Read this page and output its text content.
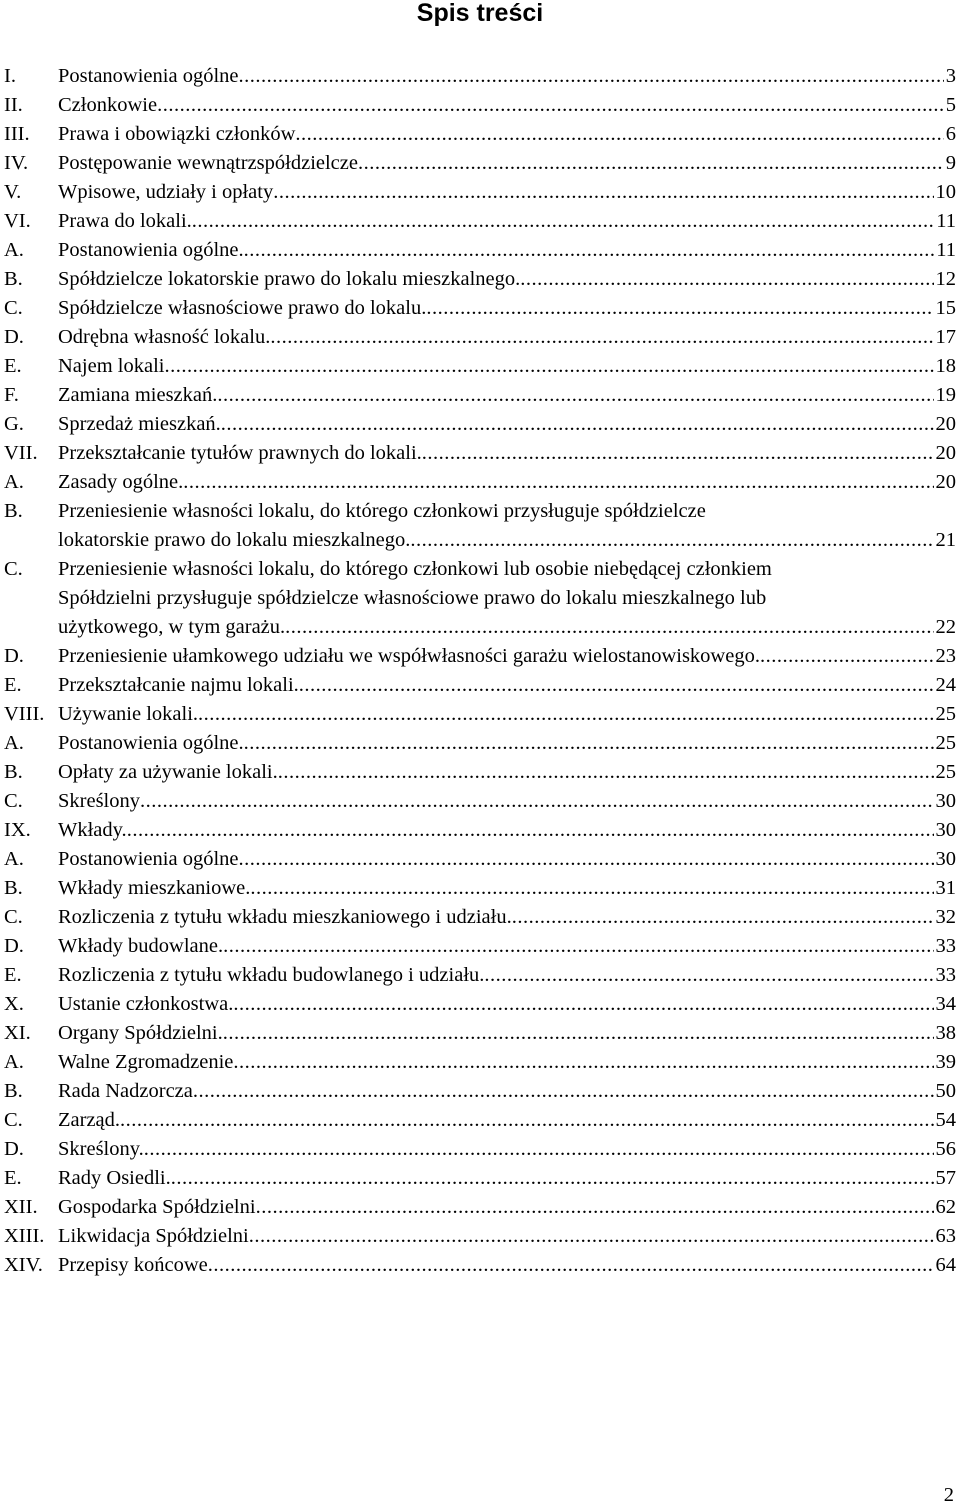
Spis treści
I.	Postanowienia ogólne .....	3
II.	Członkowie .....	5
III.	Prawa i obowiązki członków .....	6
IV.	Postępowanie wewnątrzspółdzielcze .....	9
V.	Wpisowe, udziały i opłaty .....	10
VI.	Prawa do lokali. .....	11
A.	Postanowienia ogólne. .....	11
B.	Spółdzielcze lokatorskie prawo do lokalu mieszkalnego. .....	12
C.	Spółdzielcze własnościowe prawo do lokalu. .....	15
D.	Odrębna własność lokalu. .....	17
E.	Najem lokali .....	18
F.	Zamiana mieszkań. .....	19
G.	Sprzedaż mieszkań. .....	20
VII. Przekształcanie tytułów prawnych do lokali. .....	20
A.	Zasady ogólne. .....	20
B.	Przeniesienie własności lokalu, do którego członkowi przysługuje spółdzielcze
lokatorskie prawo do lokalu mieszkalnego. .....	21
C.	Przeniesienie własności lokalu, do którego członkowi lub osobie niebędącej członkiem
Spółdzielni przysługuje spółdzielcze własnościowe prawo do lokalu mieszkalnego lub
użytkowego, w tym garażu. .....	22
D.	Przeniesienie ułamkowego udziału we współwłasności garażu wielostanowiskowego. .....	23
E.	Przekształcanie najmu lokali. .....	24
VIII. Używanie lokali. .....	25
A.	Postanowienia ogólne. .....	25
B.	Opłaty za używanie lokali. .....	25
C.	Skreślony .....	30
IX.	Wkłady. .....	30
A.	Postanowienia ogólne .....	30
B.	Wkłady mieszkaniowe. .....	31
C.	Rozliczenia z tytułu wkładu mieszkaniowego i udziału. .....	32
D.	Wkłady budowlane. .....	33
E.	Rozliczenia z tytułu wkładu budowlanego i udziału. .....	33
X.	Ustanie członkostwa. .....	34
XI.	Organy Spółdzielni. .....	38
A.	Walne Zgromadzenie .....	39
B.	Rada Nadzorcza .....	50
C.	Zarząd. .....	54
D.	Skreślony. .....	56
E.	Rady Osiedli. .....	57
XII. Gospodarka Spółdzielni .....	62
XIII. Likwidacja Spółdzielni .....	63
XIV. Przepisy końcowe .....	64
2
